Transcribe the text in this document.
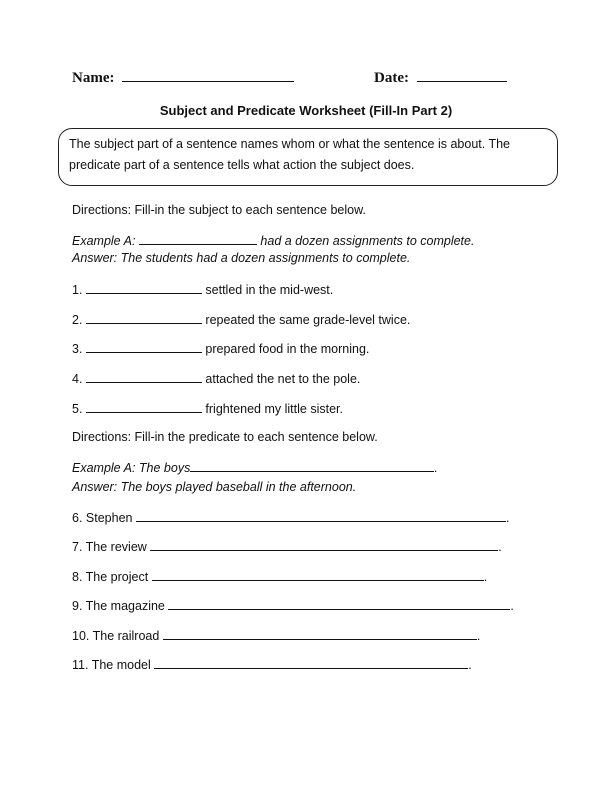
Name:	Date:
Subject and Predicate Worksheet (Fill-In Part 2)

The subject part of a sentence names whom or what the sentence is about. The

predicate part of a sentence tells what action the subject does.

Directions: Fill-in the subject to each sentence below.
Example A:	had a dozen assignments to complete.
Answer: The students had a dozen assignments to complete.
1.	settled in the mid-west.
2.	repeated the same grade-level twice.
3.	prepared food in the morning.
4.	attached the net to the pole.
5.	frightened my little sister.
Directions: Fill-in the predicate to each sentence below.
Example A: The boys	.
Answer: The boys played baseball in the afternoon.
6. Stephen	.
7. The review	.
8. The project	.
9. The magazine	.
10. The railroad	.
11. The model	.
